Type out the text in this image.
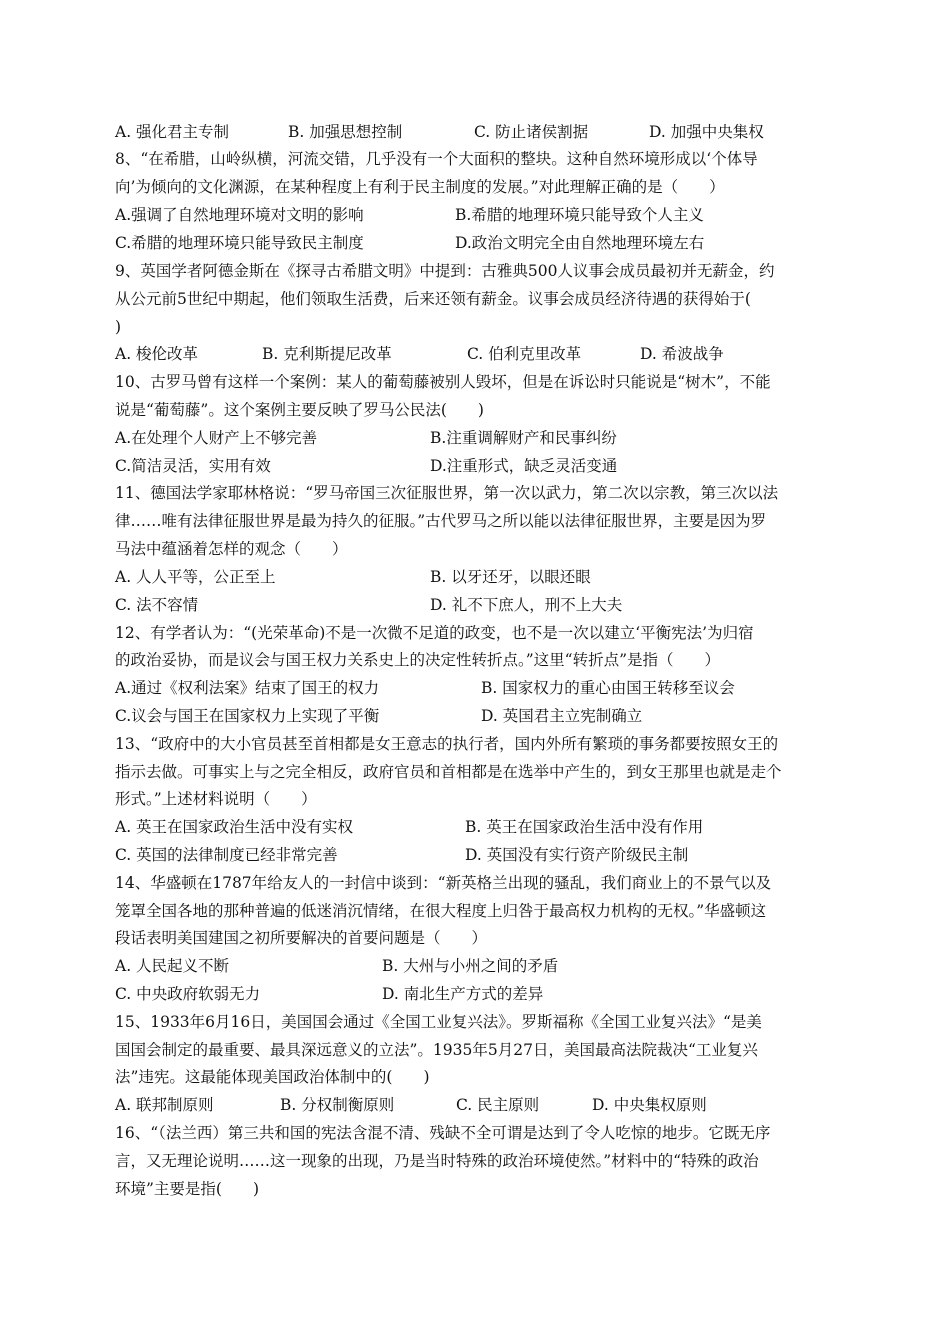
A. 强化君主专制	B. 加强思想控制	C. 防止诸侯割据	D. 加强中央集权
8、“在希腊，山岭纵横，河流交错，几乎没有一个大面积的整块。这种自然环境形成以‘个体导
向’为倾向的文化渊源，在某种程度上有利于民主制度的发展。”对此理解正确的是（　　）
A.强调了自然地理环境对文明的影响	B.希腊的地理环境只能导致个人主义
C.希腊的地理环境只能导致民主制度	D.政治文明完全由自然地理环境左右
9、英国学者阿德金斯在《探寻古希腊文明》中提到：古雅典500人议事会成员最初并无薪金，约
从公元前5世纪中期起，他们领取生活费，后来还领有薪金。议事会成员经济待遇的获得始于(
)
A. 梭伦改革	B. 克利斯提尼改革	C. 伯利克里改革	D. 希波战争
10、古罗马曾有这样一个案例：某人的葡萄藤被别人毁坏，但是在诉讼时只能说是“树木”，不能
说是“葡萄藤”。这个案例主要反映了罗马公民法(　　)
A.在处理个人财产上不够完善	B.注重调解财产和民事纠纷
C.简洁灵活，实用有效	D.注重形式，缺乏灵活变通
11、德国法学家耶林格说：“罗马帝国三次征服世界，第一次以武力，第二次以宗教，第三次以法
律……唯有法律征服世界是最为持久的征服。”古代罗马之所以能以法律征服世界，主要是因为罗
马法中蕴涵着怎样的观念（　　）
A. 人人平等，公正至上	B. 以牙还牙，以眼还眼
C. 法不容情	D. 礼不下庶人，刑不上大夫
12、有学者认为：“(光荣革命)不是一次微不足道的政变，也不是一次以建立‘平衡宪法’为归宿
的政治妥协，而是议会与国王权力关系史上的决定性转折点。”这里“转折点”是指（　　）
A.通过《权利法案》结束了国王的权力	B. 国家权力的重心由国王转移至议会
C.议会与国王在国家权力上实现了平衡	D. 英国君主立宪制确立
13、“政府中的大小官员甚至首相都是女王意志的执行者，国内外所有繁琐的事务都要按照女王的
指示去做。可事实上与之完全相反，政府官员和首相都是在选举中产生的，到女王那里也就是走个
形式。”上述材料说明（　　）
A. 英王在国家政治生活中没有实权	B. 英王在国家政治生活中没有作用
C. 英国的法律制度已经非常完善	D. 英国没有实行资产阶级民主制
14、华盛顿在1787年给友人的一封信中谈到：“新英格兰出现的骚乱，我们商业上的不景气以及
笼罩全国各地的那种普遍的低迷消沉情绪，在很大程度上归咎于最高权力机构的无权。”华盛顿这
段话表明美国建国之初所要解决的首要问题是（　　）
A. 人民起义不断	B. 大州与小州之间的矛盾
C. 中央政府软弱无力	D. 南北生产方式的差异
15、1933年6月16日，美国国会通过《全国工业复兴法》。罗斯福称《全国工业复兴法》“是美
国国会制定的最重要、最具深远意义的立法”。1935年5月27日，美国最高法院裁决“工业复兴
法”违宪。这最能体现美国政治体制中的(　　)
A. 联邦制原则	B. 分权制衡原则	C. 民主原则	D. 中央集权原则
16、“（法兰西）第三共和国的宪法含混不清、残缺不全可谓是达到了令人吃惊的地步。它既无序
言，又无理论说明……这一现象的出现，乃是当时特殊的政治环境使然。”材料中的“特殊的政治
环境”主要是指(　　)
